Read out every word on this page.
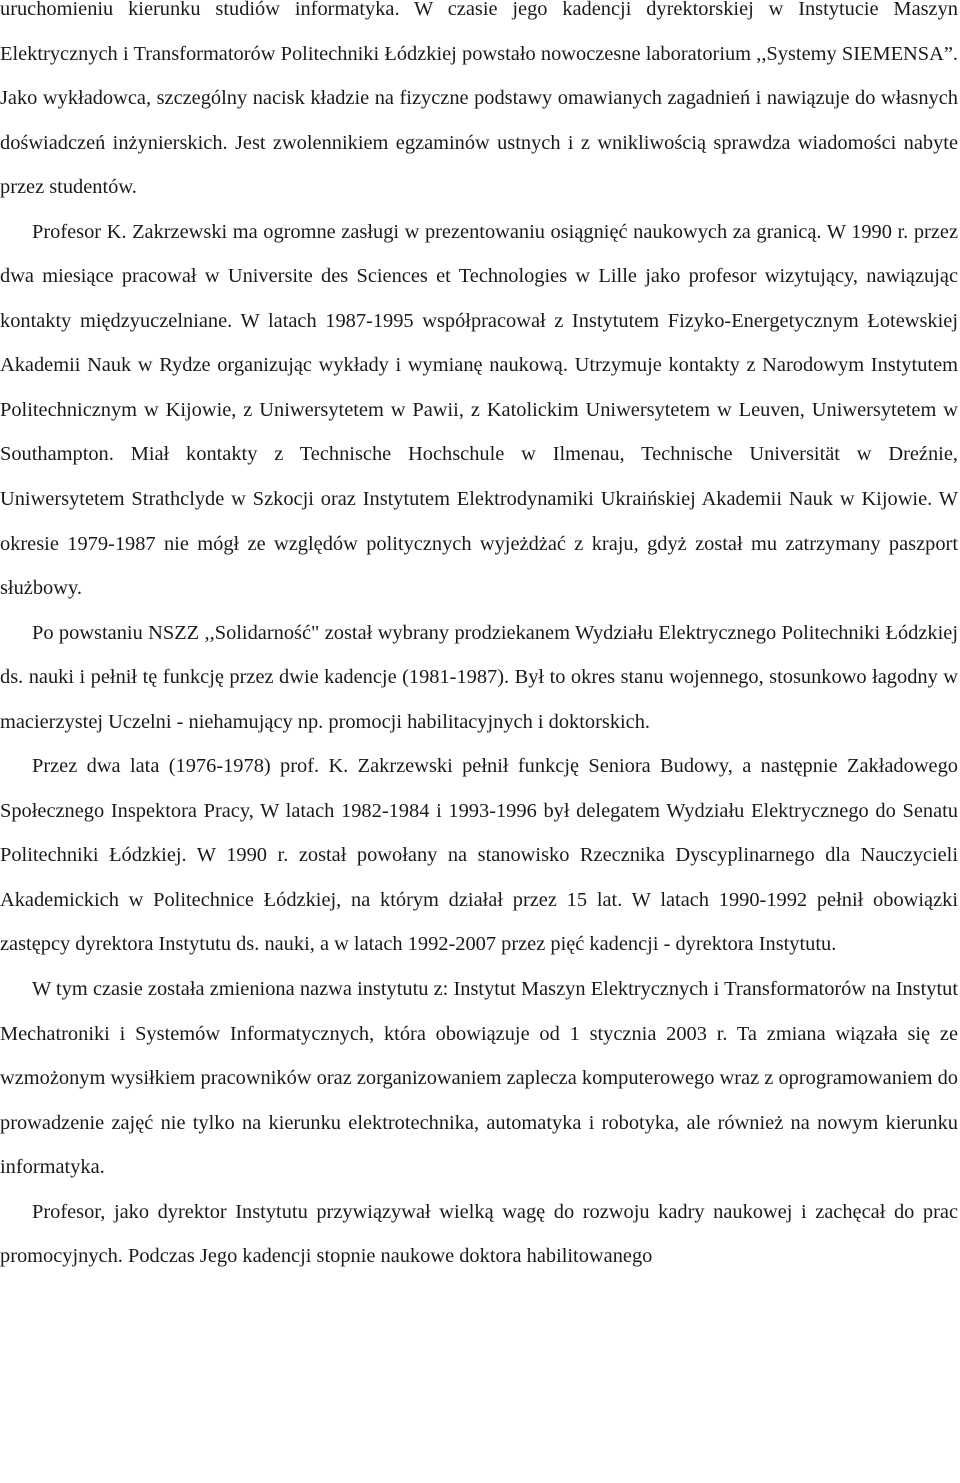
uruchomieniu kierunku studiów informatyka. W czasie jego kadencji dyrektorskiej w Instytucie Maszyn Elektrycznych i Transformatorów Politechniki Łódzkiej powstało nowoczesne laboratorium ,,Systemy SIEMENSA”. Jako wykładowca, szczególny nacisk kładzie na fizyczne podstawy omawianych zagadnień i nawiązuje do własnych doświadczeń inżynierskich. Jest zwolennikiem egzaminów ustnych i z wnikliwością sprawdza wiadomości nabyte przez studentów.

Profesor K. Zakrzewski ma ogromne zasługi w prezentowaniu osiągnięć naukowych za granicą. W 1990 r. przez dwa miesiące pracował w Universite des Sciences et Technologies w Lille jako profesor wizytujący, nawiązując kontakty międzyuczelniane. W latach 1987-1995 współpracował z Instytutem Fizyko-Energetycznym Łotewskiej Akademii Nauk w Rydze organizując wykłady i wymianę naukową. Utrzymuje kontakty z Narodowym Instytutem Politechnicznym w Kijowie, z Uniwersytetem w Pawii, z Katolickim Uniwersytetem w Leuven, Uniwersytetem w Southampton. Miał kontakty z Technische Hochschule w Ilmenau, Technische Universität w Dreźnie, Uniwersytetem Strathclyde w Szkocji oraz Instytutem Elektrodynamiki Ukraińskiej Akademii Nauk w Kijowie. W okresie 1979-1987 nie mógł ze względów politycznych wyjeżdżać z kraju, gdyż został mu zatrzymany paszport służbowy.

Po powstaniu NSZZ ,,Solidarność" został wybrany prodziekanem Wydziału Elektrycznego Politechniki Łódzkiej ds. nauki i pełnił tę funkcję przez dwie kadencje (1981-1987). Był to okres stanu wojennego, stosunkowo łagodny w macierzystej Uczelni - niehamujący np. promocji habilitacyjnych i doktorskich.

Przez dwa lata (1976-1978) prof. K. Zakrzewski pełnił funkcję Seniora Budowy, a następnie Zakładowego Społecznego Inspektora Pracy, W latach 1982-1984 i 1993-1996 był delegatem Wydziału Elektrycznego do Senatu Politechniki Łódzkiej. W 1990 r. został powołany na stanowisko Rzecznika Dyscyplinarnego dla Nauczycieli Akademickich w Politechnice Łódzkiej, na którym działał przez 15 lat. W latach 1990-1992 pełnił obowiązki zastępcy dyrektora Instytutu ds. nauki, a w latach 1992-2007 przez pięć kadencji - dyrektora Instytutu.

W tym czasie została zmieniona nazwa instytutu z: Instytut Maszyn Elektrycznych i Transformatorów na Instytut Mechatroniki i Systemów Informatycznych, która obowiązuje od 1 stycznia 2003 r. Ta zmiana wiązała się ze wzmożonym wysiłkiem pracowników oraz zorganizowaniem zaplecza komputerowego wraz z oprogramowaniem do prowadzenie zajęć nie tylko na kierunku elektrotechnika, automatyka i robotyka, ale również na nowym kierunku informatyka.

Profesor, jako dyrektor Instytutu przywiązywał wielką wagę do rozwoju kadry naukowej i zachęcał do prac promocyjnych. Podczas Jego kadencji stopnie naukowe doktora habilitowanego
